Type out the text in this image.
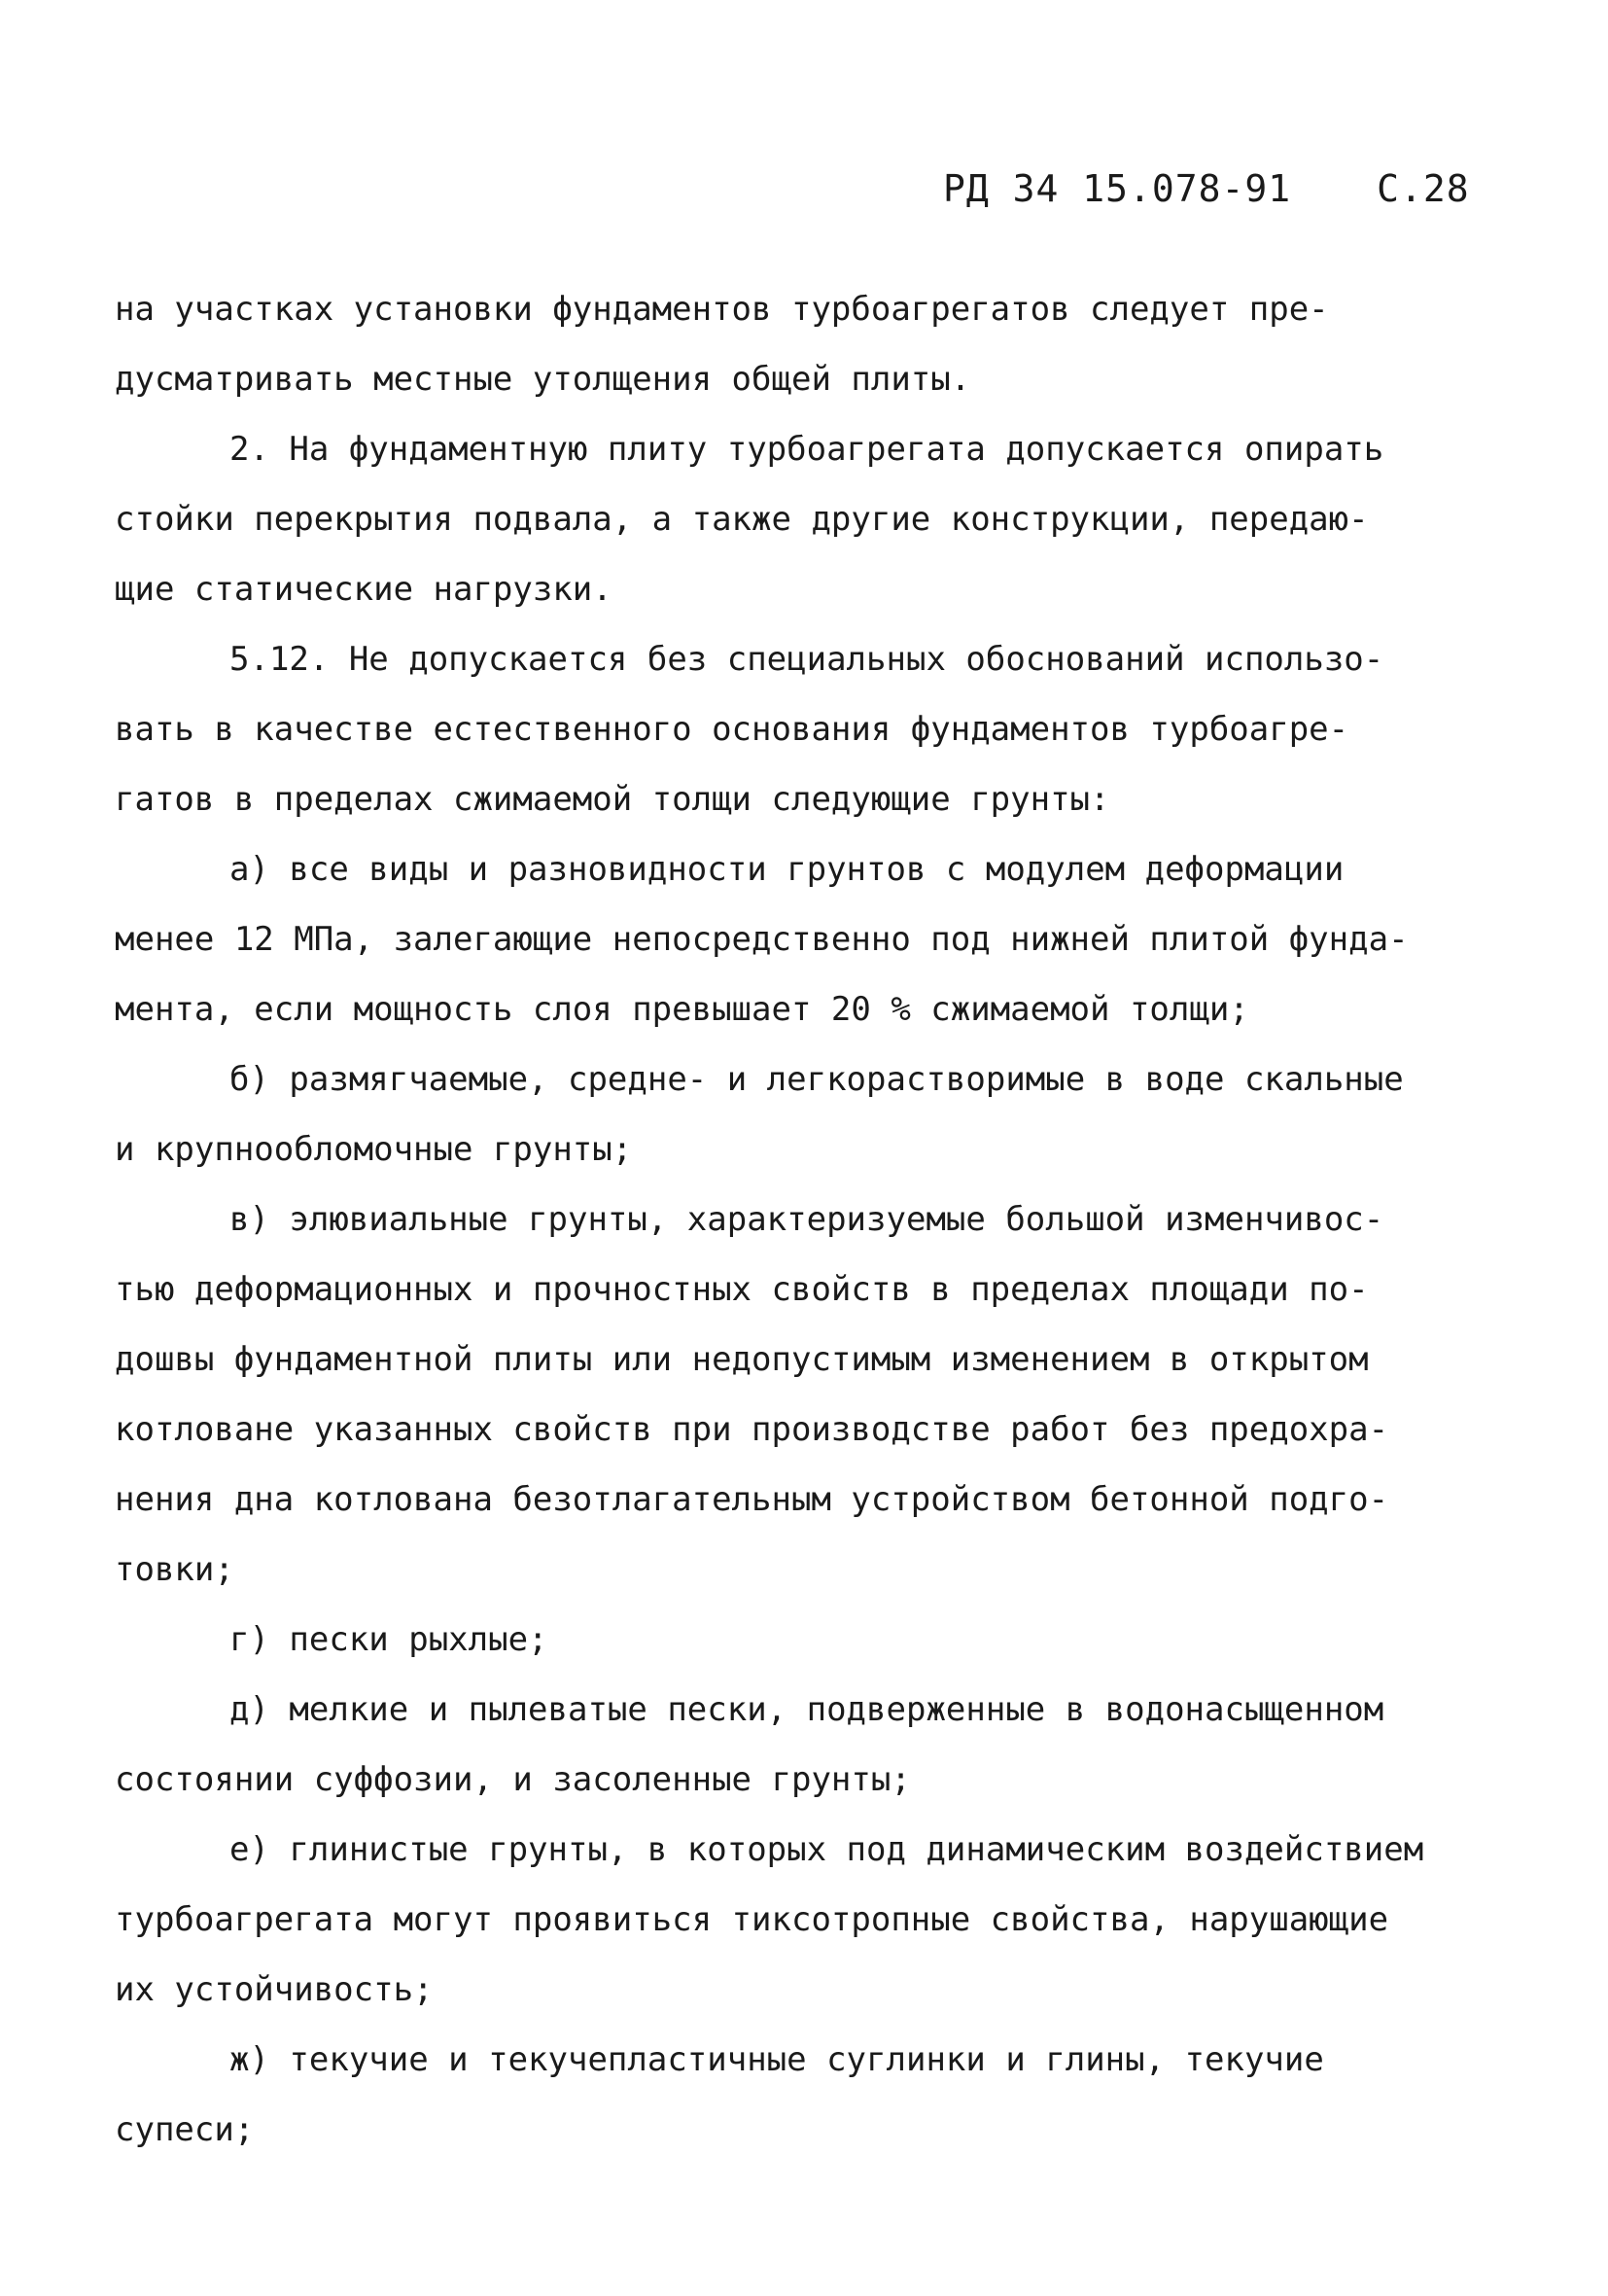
РД 34 15.078-91 С.28
на участках установки фундаментов турбоагрегатов следует пре-
дусматривать местные утолщения общей плиты.
2. На фундаментную плиту турбоагрегата допускается опирать
стойки перекрытия подвала, а также другие конструкции, передаю-
щие статические нагрузки.
5.12. Не допускается без специальных обоснований использо-
вать в качестве естественного основания фундаментов турбоагре-
гатов в пределах сжимаемой толщи следующие грунты:
а) все виды и разновидности грунтов с модулем деформации
менее 12 МПа, залегающие непосредственно под нижней плитой фунда-
мента, если мощность слоя превышает 20 % сжимаемой толщи;
б) размягчаемые, средне- и легкорастворимые в воде скальные
и крупнообломочные грунты;
в) элювиальные грунты, характеризуемые большой изменчивос-
тью деформационных и прочностных свойств в пределах площади по-
дошвы фундаментной плиты или недопустимым изменением в открытом
котловане указанных свойств при производстве работ без предохра-
нения дна котлована безотлагательным устройством бетонной подго-
товки;
г) пески рыхлые;
д) мелкие и пылеватые пески, подверженные в водонасыщенном
состоянии суффозии, и засоленные грунты;
е) глинистые грунты, в которых под динамическим воздействием
турбоагрегата могут проявиться тиксотропные свойства, нарушающие
их устойчивость;
ж) текучие и текучепластичные суглинки и глины, текучие
супеси;
